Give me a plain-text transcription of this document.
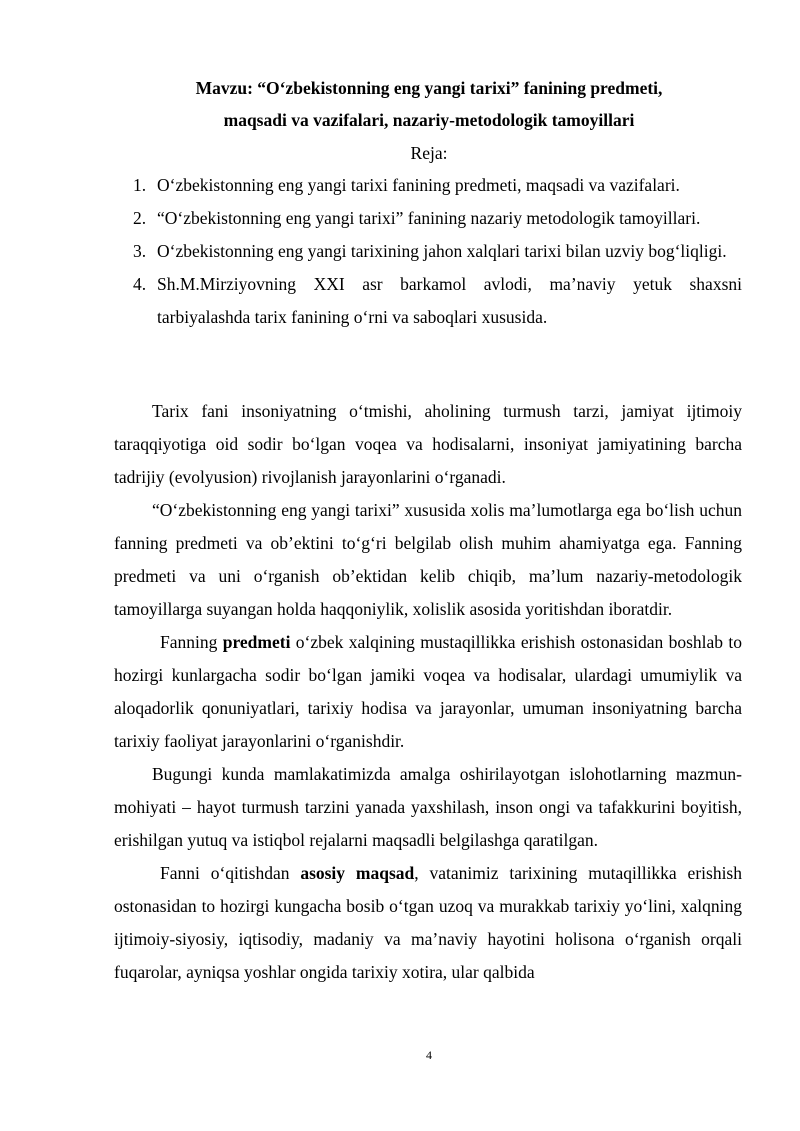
Mavzu: “O‘zbekistonning eng yangi tarixi” fanining predmeti,
maqsadi va vazifalari, nazariy-metodologik tamoyillari
Reja:
1. O‘zbekistonning eng yangi tarixi fanining predmeti, maqsadi va vazifalari.
2. “O‘zbekistonning eng yangi tarixi” fanining nazariy metodologik tamoyillari.
3. O‘zbekistonning eng yangi tarixining jahon xalqlari tarixi bilan uzviy bog‘liqligi.
4. Sh.M.Mirziyovning XXI asr barkamol avlodi, ma’naviy yetuk shaxsni tarbiyalashda tarix fanining o‘rni va saboqlari xususida.

Tarix fani insoniyatning o‘tmishi, aholining turmush tarzi, jamiyat ijtimoiy taraqqiyotiga oid sodir bo‘lgan voqea va hodisalarni, insoniyat jamiyatining barcha tadrijiy (evolyusion) rivojlanish jarayonlarini o‘rganadi.

“O‘zbekistonning eng yangi tarixi” xususida xolis ma’lumotlarga ega bo‘lish uchun fanning predmeti va ob’ektini to‘g‘ri belgilab olish muhim ahamiyatga ega. Fanning predmeti va uni o‘rganish ob’ektidan kelib chiqib, ma’lum nazariy-metodologik tamoyillarga suyangan holda haqqoniylik, xolislik asosida yoritishdan iboratdir.

Fanning predmeti o‘zbek xalqining mustaqillikka erishish ostonasidan boshlab to hozirgi kunlargacha sodir bo‘lgan jamiki voqea va hodisalar, ulardagi umumiylik va aloqadorlik qonuniyatlari, tarixiy hodisa va jarayonlar, umuman insoniyatning barcha tarixiy faoliyat jarayonlarini o‘rganishdir.

Bugungi kunda mamlakatimizda amalga oshirilayotgan islohotlarning mazmun-mohiyati – hayot turmush tarzini yanada yaxshilash, inson ongi va tafakkurini boyitish, erishilgan yutuq va istiqbol rejalarni maqsadli belgilashga qaratilgan.

Fanni o‘qitishdan asosiy maqsad, vatanimiz tarixining mutaqillikka erishish ostonasidan to hozirgi kungacha bosib o‘tgan uzoq va murakkab tarixiy yo‘lini, xalqning ijtimoiy-siyosiy, iqtisodiy, madaniy va ma’naviy hayotini holisona o‘rganish orqali fuqarolar, ayniqsa yoshlar ongida tarixiy xotira, ular qalbida

4
